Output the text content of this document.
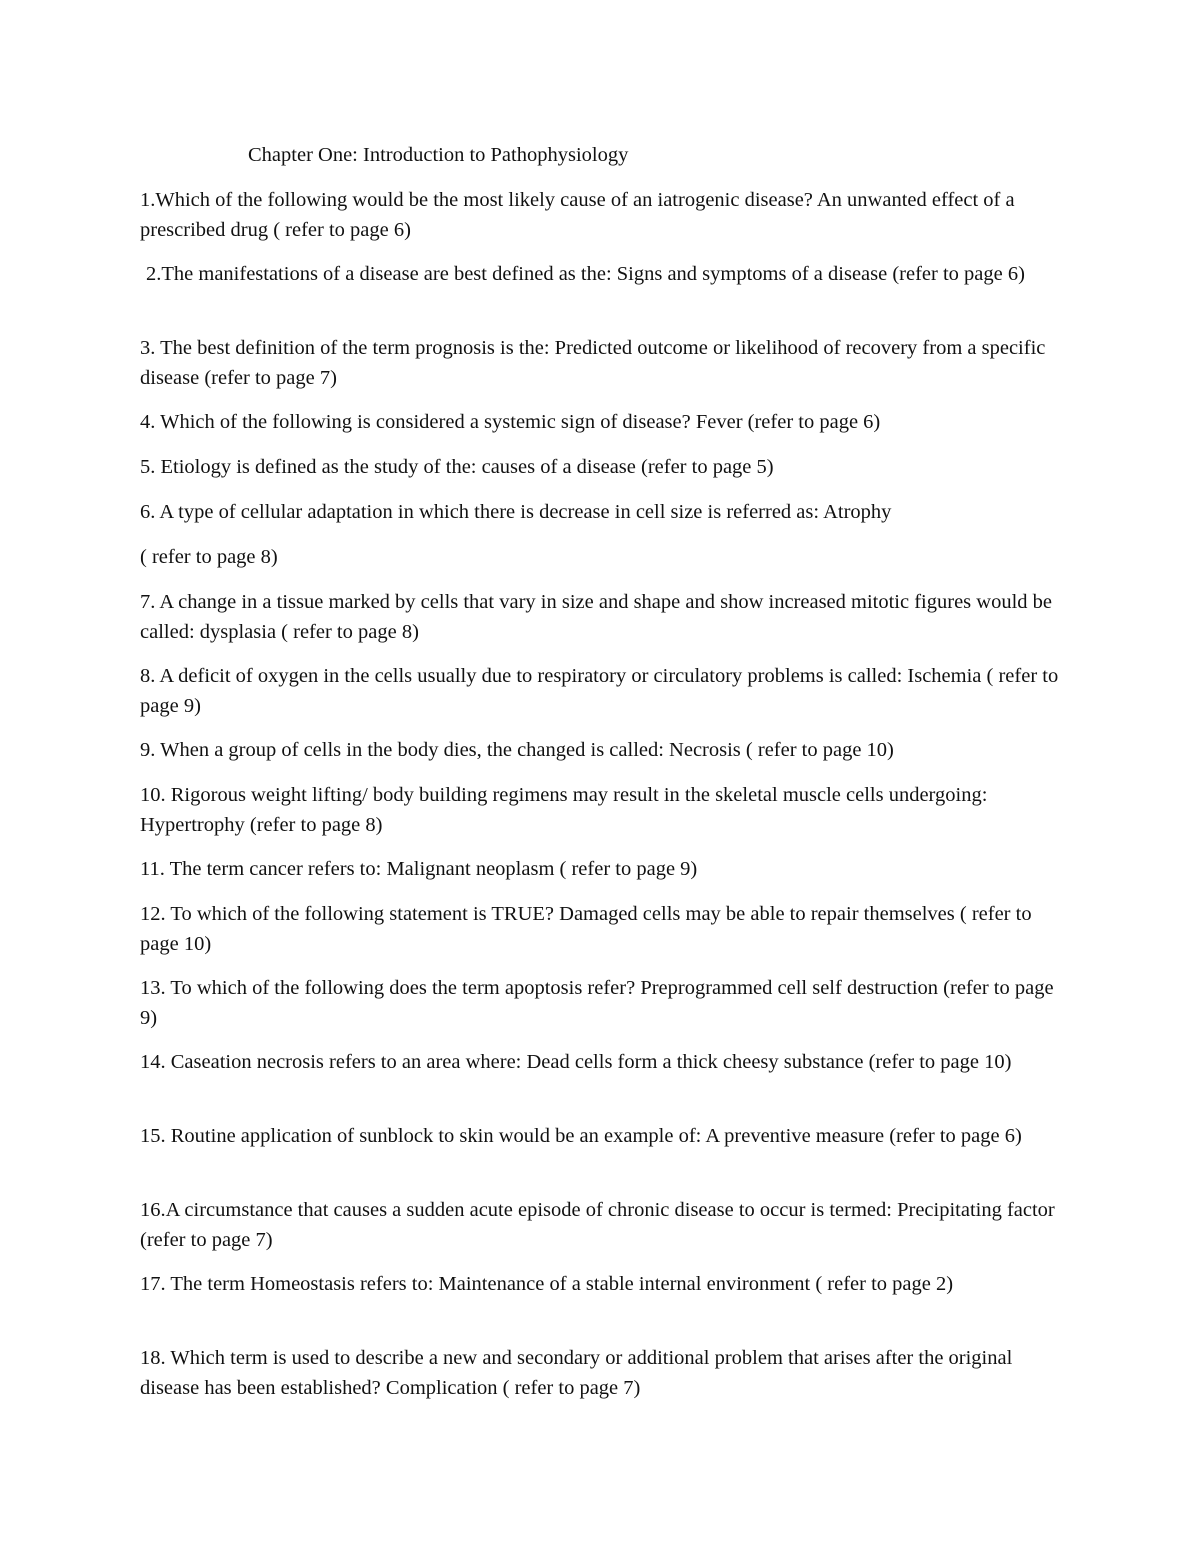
Chapter One: Introduction to Pathophysiology

1.Which of the following would be the most likely cause of an iatrogenic disease? An unwanted effect of a prescribed drug ( refer to page 6)

2.The manifestations of a disease are best defined as the: Signs and symptoms of a disease (refer to page 6)

3. The best definition of the term prognosis is the: Predicted outcome or likelihood of recovery from a specific disease (refer to page 7)

4. Which of the following is considered a systemic sign of disease? Fever (refer to page 6)

5. Etiology is defined as the study of the: causes of a disease (refer to page 5)

6. A type of cellular adaptation in which there is decrease in cell size is referred as: Atrophy

( refer to page 8)

7. A change in a tissue marked by cells that vary in size and shape and show increased mitotic figures would be called: dysplasia ( refer to page 8)

8. A deficit of oxygen in the cells usually due to respiratory or circulatory problems is called: Ischemia ( refer to page 9)

9. When a group of cells in the body dies, the changed is called: Necrosis ( refer to page 10)

10. Rigorous weight lifting/ body building regimens may result in the skeletal muscle cells undergoing: Hypertrophy (refer to page 8)

11. The term cancer refers to: Malignant neoplasm ( refer to page 9)

12. To which of the following statement is TRUE? Damaged cells may be able to repair themselves ( refer to page 10)

13. To which of the following does the term apoptosis refer? Preprogrammed cell self destruction (refer to page 9)

14. Caseation necrosis refers to an area where: Dead cells form a thick cheesy substance (refer to page 10)

15. Routine application of sunblock to skin would be an example of: A preventive measure (refer to page 6)

16.A circumstance that causes a sudden acute episode of chronic disease to occur is termed: Precipitating factor (refer to page 7)

17. The term Homeostasis refers to: Maintenance of a stable internal environment ( refer to page 2)

18. Which term is used to describe a new and secondary or additional problem that arises after the original disease has been established? Complication ( refer to page 7)
